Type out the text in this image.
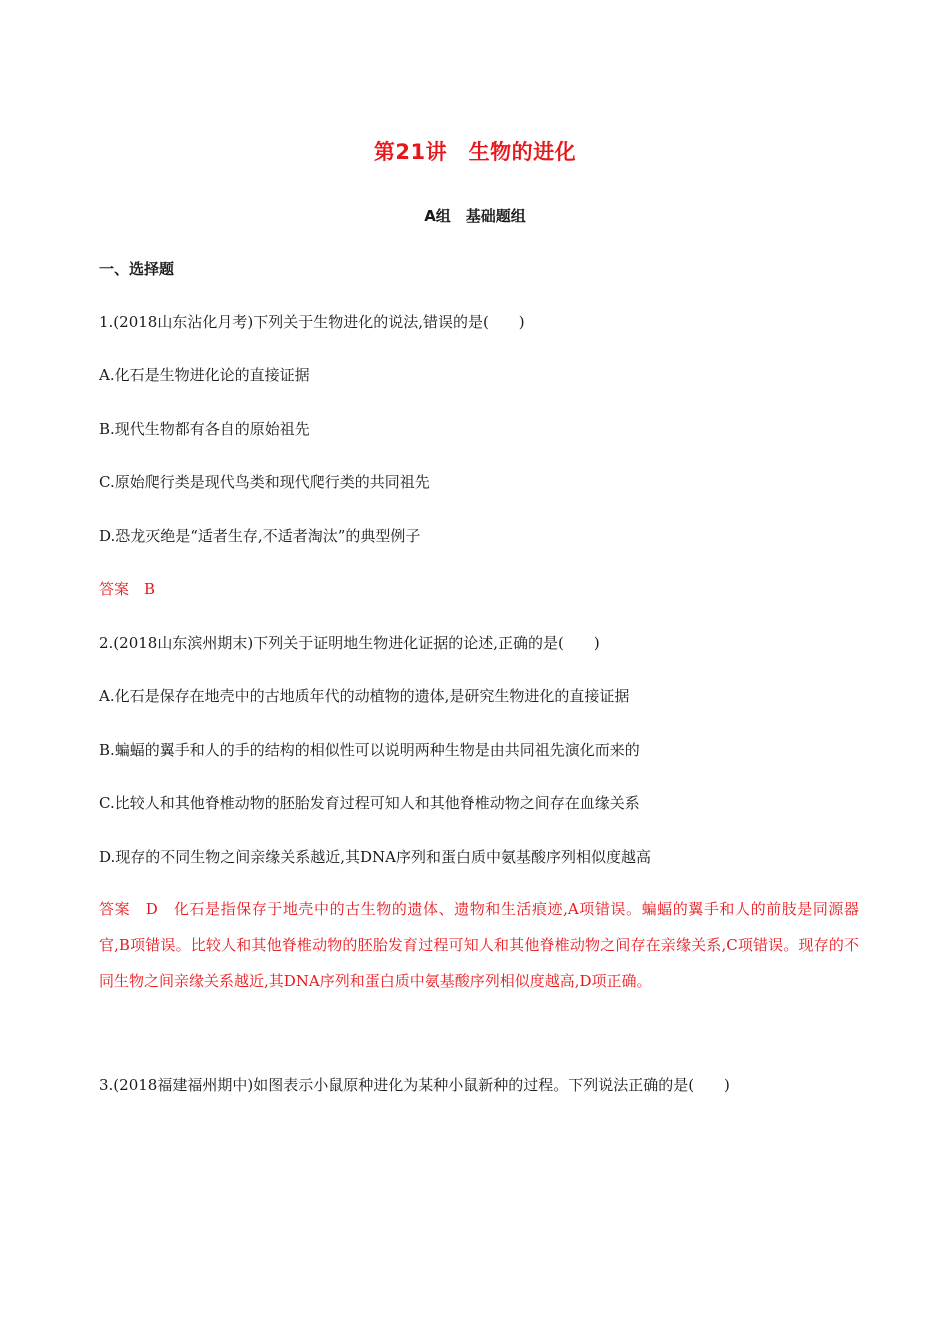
第21讲　生物的进化
A组　基础题组
一、选择题

1.(2018山东沾化月考)下列关于生物进化的说法,错误的是(　　)

A.化石是生物进化论的直接证据

B.现代生物都有各自的原始祖先

C.原始爬行类是现代鸟类和现代爬行类的共同祖先

D.恐龙灭绝是“适者生存,不适者淘汰”的典型例子

答案　B

2.(2018山东滨州期末)下列关于证明地生物进化证据的论述,正确的是(　　)

A.化石是保存在地壳中的古地质年代的动植物的遗体,是研究生物进化的直接证据

B.蝙蝠的翼手和人的手的结构的相似性可以说明两种生物是由共同祖先演化而来的

C.比较人和其他脊椎动物的胚胎发育过程可知人和其他脊椎动物之间存在血缘关系

D.现存的不同生物之间亲缘关系越近,其DNA序列和蛋白质中氨基酸序列相似度越高

答案　D　化石是指保存于地壳中的古生物的遗体、遗物和生活痕迹,A项错误。蝙蝠的翼手和人的前肢是同源器官,B项错误。比较人和其他脊椎动物的胚胎发育过程可知人和其他脊椎动物之间存在亲缘关系,C项错误。现存的不同生物之间亲缘关系越近,其DNA序列和蛋白质中氨基酸序列相似度越高,D项正确。

3.(2018福建福州期中)如图表示小鼠原种进化为某种小鼠新种的过程。下列说法正确的是(　　)
